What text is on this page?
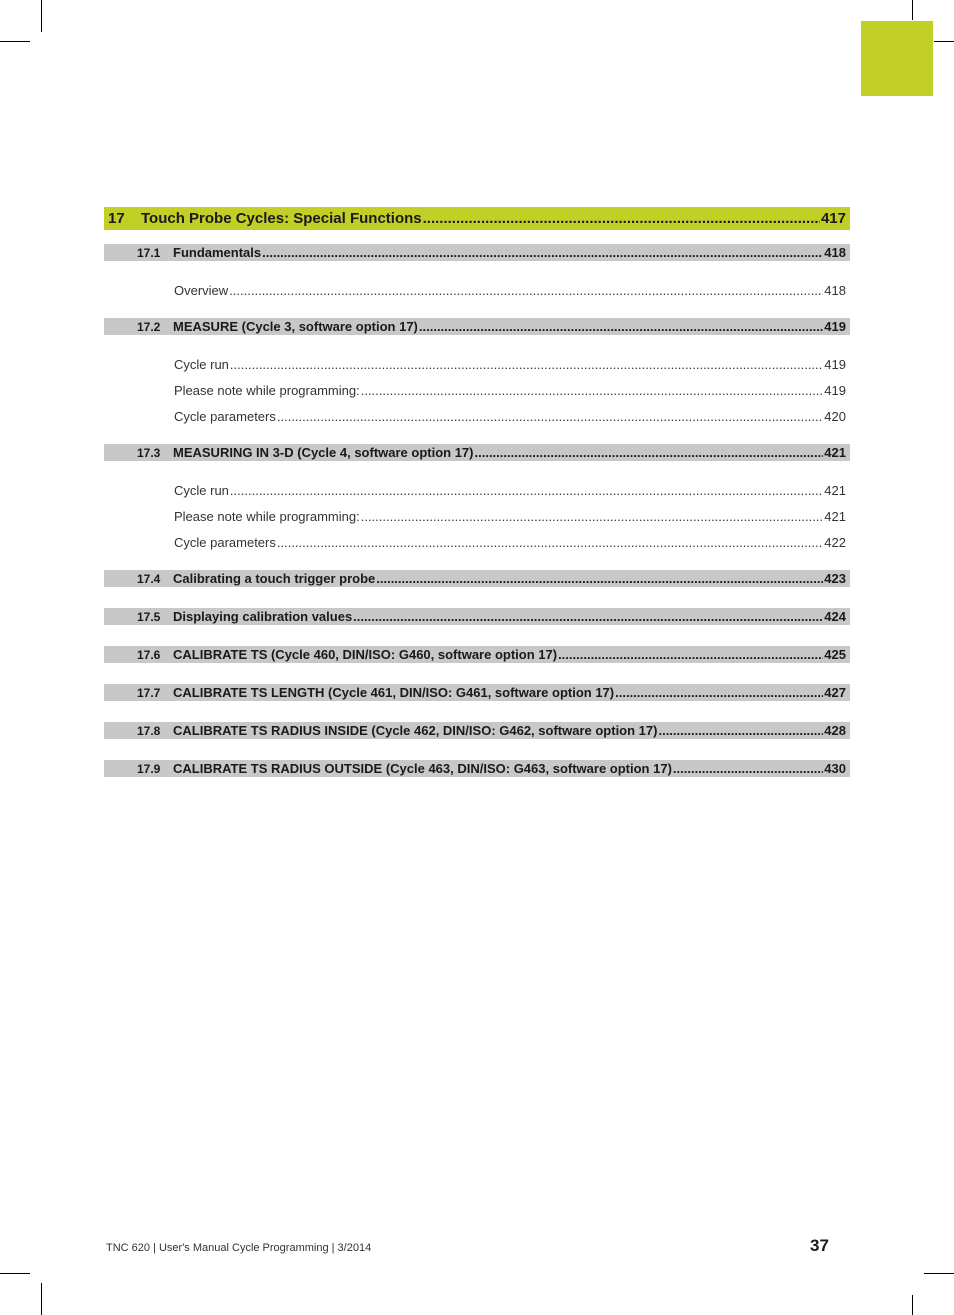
17	Touch Probe Cycles: Special Functions .....	417
17.1 Fundamentals .....	418
Overview .....	418
17.2 MEASURE (Cycle 3, software option 17) .....	419
Cycle run .....	419
Please note while programming: .....	419
Cycle parameters .....	420
17.3 MEASURING IN 3-D (Cycle 4, software option 17) .....	421
Cycle run .....	421
Please note while programming: .....	421
Cycle parameters .....	422
17.4 Calibrating a touch trigger probe .....	423
17.5 Displaying calibration values .....	424
17.6 CALIBRATE TS (Cycle 460, DIN/ISO: G460, software option 17) .....	425
17.7 CALIBRATE TS LENGTH (Cycle 461, DIN/ISO: G461, software option 17) .....	427
17.8 CALIBRATE TS RADIUS INSIDE (Cycle 462, DIN/ISO: G462, software option 17) .....	428
17.9 CALIBRATE TS RADIUS OUTSIDE (Cycle 463, DIN/ISO: G463, software option 17) .....	430
TNC 620 | User's Manual Cycle Programming | 3/2014	37
